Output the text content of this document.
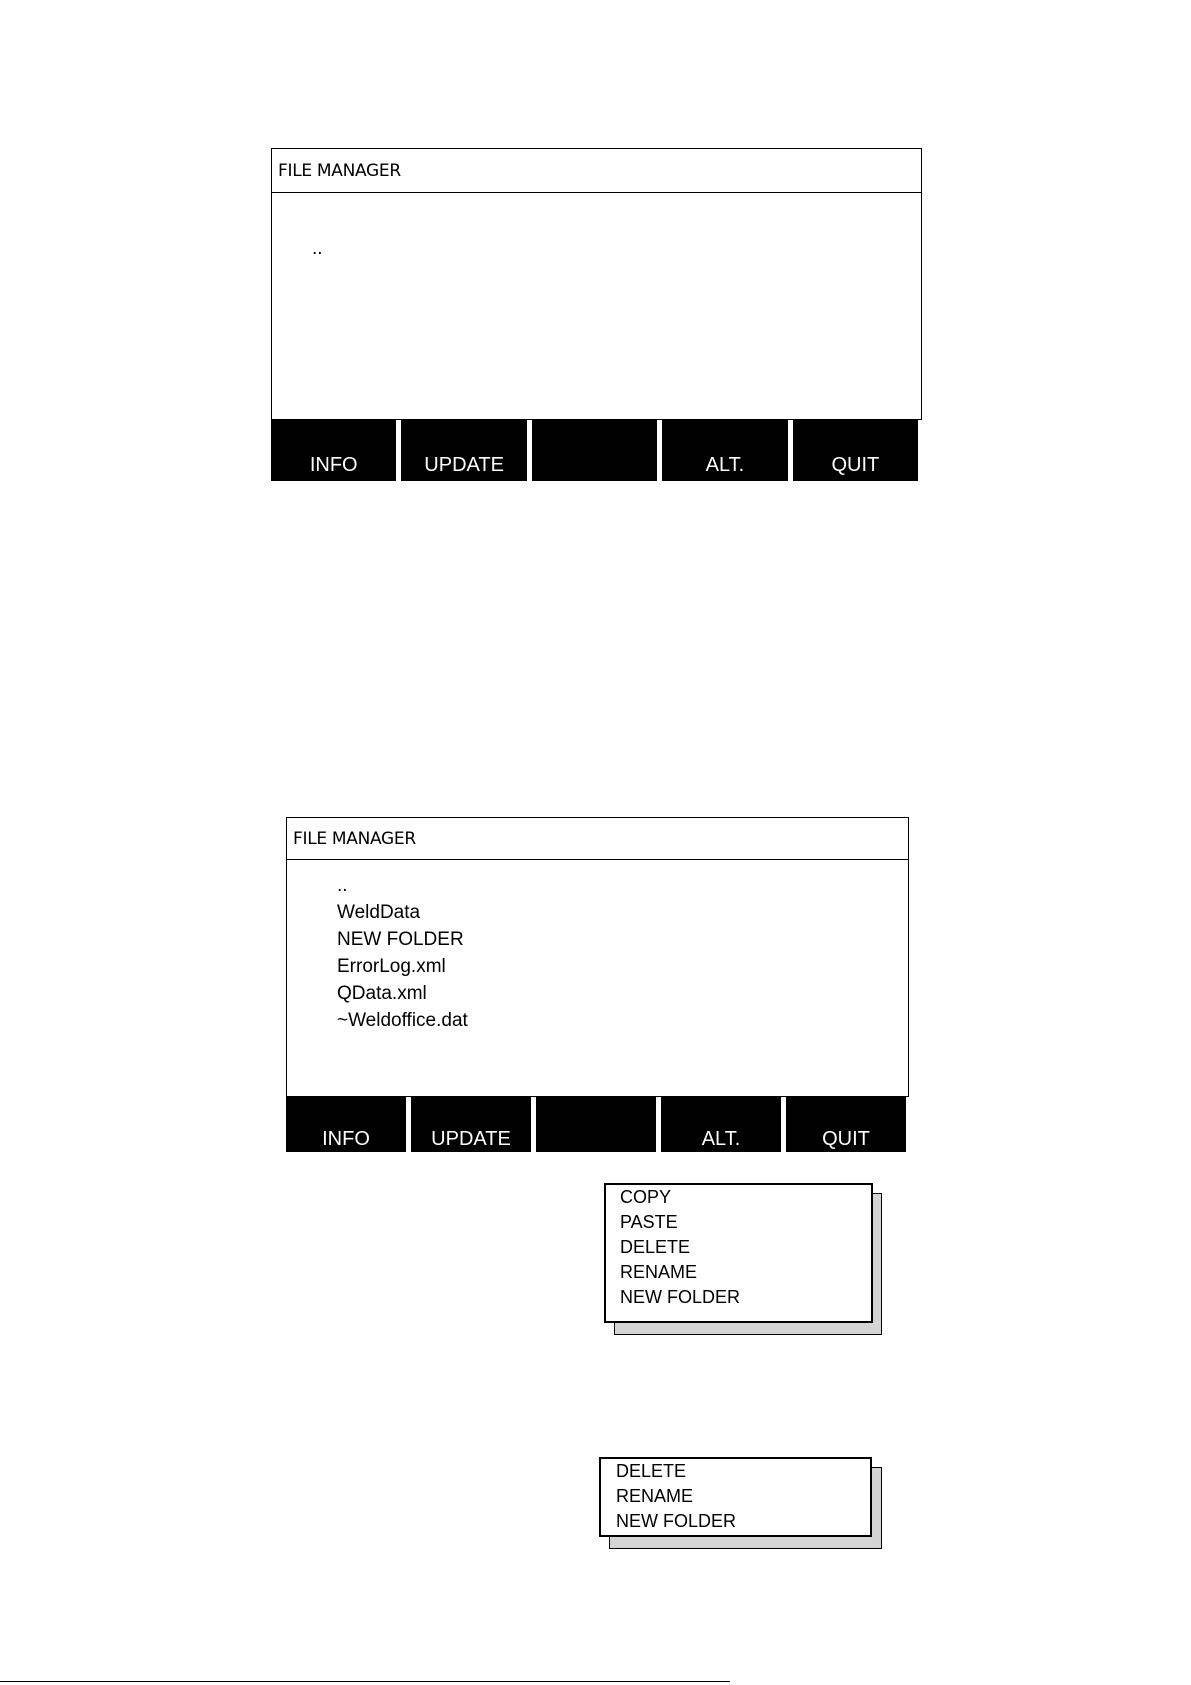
FILE MANAGER
..
INFO	UPDATE	ALT.	QUIT
FILE MANAGER
..
WeldData
NEW FOLDER
ErrorLog.xml
QData.xml
~Weldoffice.dat
INFO	UPDATE	ALT.	QUIT
COPY
PASTE
DELETE
RENAME
NEW FOLDER
DELETE
RENAME
NEW FOLDER
